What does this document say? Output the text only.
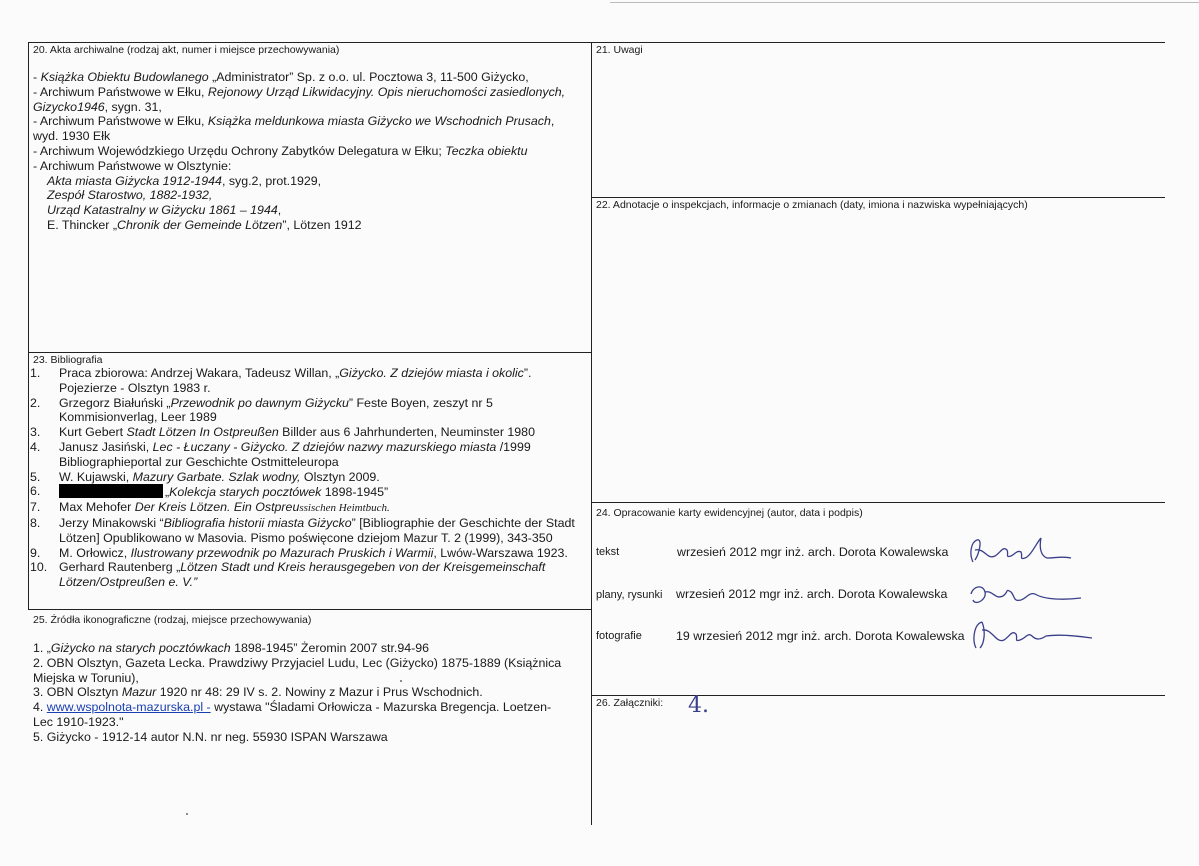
20. Akta archiwalne (rodzaj akt, numer i miejsce przechowywania)
- Książka Obiektu Budowlanego „Administrator” Sp. z o.o. ul. Pocztowa 3, 11-500 Giżycko,
- Archiwum Państwowe w Ełku, Rejonowy Urząd Likwidacyjny. Opis nieruchomości zasiedlonych,
Gizycko1946, sygn. 31,
- Archiwum Państwowe w Ełku, Książka meldunkowa miasta Giżycko we Wschodnich Prusach,
wyd. 1930 Ełk
- Archiwum Wojewódzkiego Urzędu Ochrony Zabytków Delegatura w Ełku; Teczka obiektu
- Archiwum Państwowe w Olsztynie:
Akta miasta Giżycka 1912-1944, syg.2, prot.1929,
Zespół Starostwo, 1882-1932,
Urząd Katastralny w Giżycku 1861 – 1944,
E. Thincker „Chronik der Gemeinde Lötzen”, Lötzen 1912
21. Uwagi
22. Adnotacje o inspekcjach, informacje o zmianach (daty, imiona i nazwiska wypełniających)
23. Bibliografia
1.	Praca zbiorowa: Andrzej Wakara, Tadeusz Willan, „Giżycko. Z dziejów miasta i okolic”.
Pojezierze - Olsztyn 1983 r.
2.	Grzegorz Białuński „Przewodnik po dawnym Giżycku” Feste Boyen, zeszyt nr 5
Kommisionverlag, Leer 1989
3.	Kurt Gebert Stadt Lötzen In Ostpreußen Billder aus 6 Jahrhunderten, Neuminster 1980
4.	Janusz Jasiński, Lec - Łuczany - Giżycko. Z dziejów nazwy mazurskiego miasta /1999
Bibliographieportal zur Geschichte Ostmitteleuropa
5.	W. Kujawski, Mazury Garbate. Szlak wodny, Olsztyn 2009.
6.	„Kolekcja starych pocztówek 1898-1945”
7.	Max Mehofer Der Kreis Lötzen. Ein Ostpreussischen Heimtbuch.
8.	Jerzy Minakowski “Bibliografia historii miasta Giżycko” [Bibliographie der Geschichte der Stadt
Lötzen] Opublikowano w Masovia. Pismo poświęcone dziejom Mazur T. 2 (1999), 343-350
9.	M. Orłowicz, Ilustrowany przewodnik po Mazurach Pruskich i Warmii, Lwów-Warszawa 1923.
10. Gerhard Rautenberg „Lötzen Stadt und Kreis herausgegeben von der Kreisgemeinschaft
Lötzen/Ostpreußen e. V.”
24. Opracowanie karty ewidencyjnej (autor, data i podpis)
tekst	wrzesień 2012 mgr inż. arch. Dorota Kowalewska
plany, rysunki wrzesień 2012 mgr inż. arch. Dorota Kowalewska
fotografie	19 wrzesień 2012 mgr inż. arch. Dorota Kowalewska
25. Źródła ikonograficzne (rodzaj, miejsce przechowywania)
1. „Giżycko na starych pocztówkach 1898-1945” Żeromin 2007 str.94-96
2. OBN Olsztyn, Gazeta Lecka. Prawdziwy Przyjaciel Ludu, Lec (Giżycko) 1875-1889 (Książnica
Miejska w Toruniu),
3. OBN Olsztyn Mazur 1920 nr 48: 29 IV s. 2. Nowiny z Mazur i Prus Wschodnich.
4. www.wspolnota-mazurska.pl - wystawa "Śladami Orłowicza - Mazurska Bregencja. Loetzen-
Lec 1910-1923."
5. Giżycko - 1912-14 autor N.N. nr neg. 55930 ISPAN Warszawa
26. Załączniki: 4.
